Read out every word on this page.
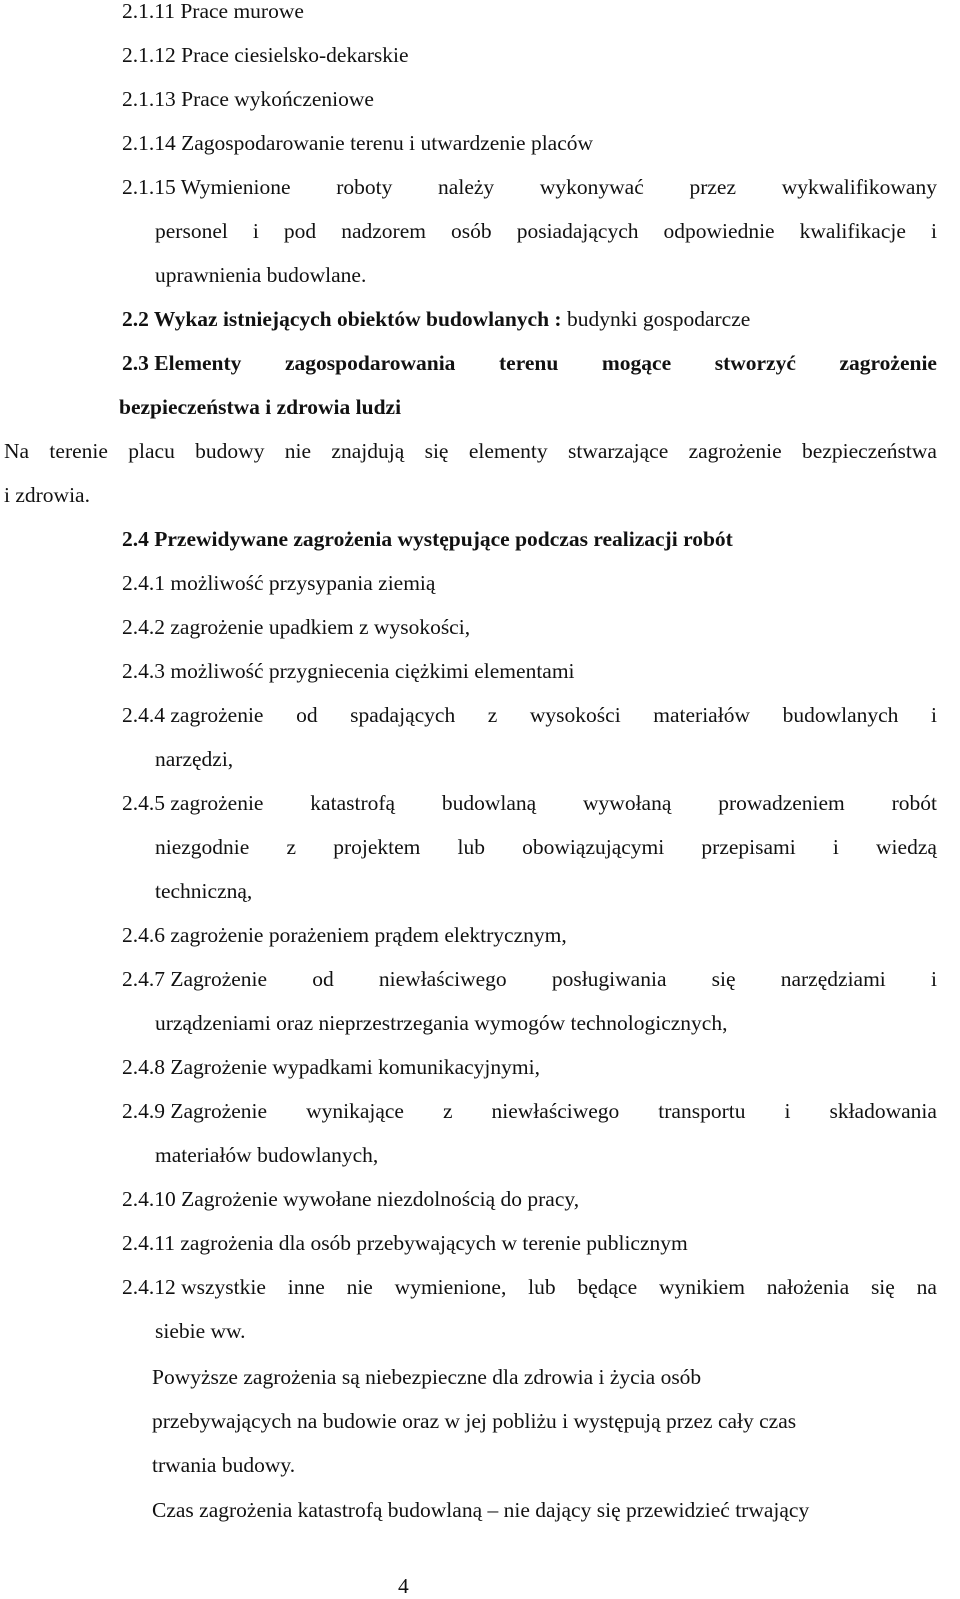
2.1.11 Prace murowe
2.1.12 Prace ciesielsko-dekarskie
2.1.13 Prace wykończeniowe
2.1.14 Zagospodarowanie terenu i utwardzenie placów
2.1.15 Wymienione roboty należy wykonywać przez wykwalifikowany
personel i pod nadzorem osób posiadających odpowiednie kwalifikacje i
uprawnienia budowlane.
2.2 Wykaz istniejących obiektów budowlanych : budynki gospodarcze
2.3 Elementy zagospodarowania terenu mogące stworzyć zagrożenie
bezpieczeństwa i zdrowia ludzi
Na terenie placu budowy nie znajdują się elementy stwarzające zagrożenie bezpieczeństwa
i zdrowia.
2.4 Przewidywane zagrożenia występujące podczas realizacji robót
2.4.1 możliwość przysypania ziemią
2.4.2 zagrożenie upadkiem z wysokości,
2.4.3 możliwość przygniecenia ciężkimi elementami
2.4.4 zagrożenie od spadających z wysokości materiałów budowlanych i
narzędzi,
2.4.5 zagrożenie katastrofą budowlaną wywołaną prowadzeniem robót
niezgodnie z projektem lub obowiązującymi przepisami i wiedzą
techniczną,
2.4.6 zagrożenie porażeniem prądem elektrycznym,
2.4.7 Zagrożenie od niewłaściwego posługiwania się narzędziami i
urządzeniami oraz nieprzestrzegania wymogów technologicznych,
2.4.8 Zagrożenie wypadkami komunikacyjnymi,
2.4.9 Zagrożenie wynikające z niewłaściwego transportu i składowania
materiałów budowlanych,
2.4.10 Zagrożenie wywołane niezdolnością do pracy,
2.4.11 zagrożenia dla osób przebywających w terenie publicznym
2.4.12 wszystkie inne nie wymienione, lub będące wynikiem nałożenia się na
siebie ww.
Powyższe zagrożenia są niebezpieczne dla zdrowia i życia osób
przebywających na budowie oraz w jej pobliżu i występują przez cały czas
trwania budowy.
Czas zagrożenia katastrofą budowlaną – nie dający się przewidzieć trwający
4
